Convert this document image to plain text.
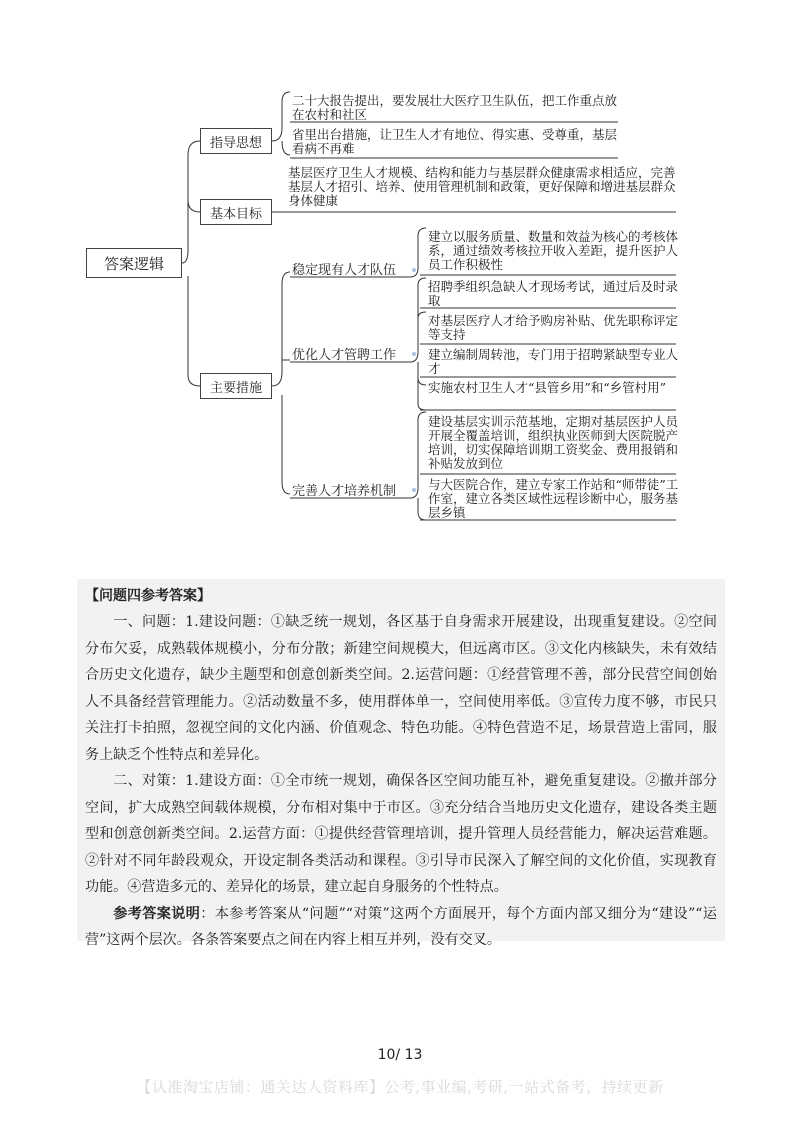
答案逻辑
指导思想
基本目标
主要措施
二十大报告提出，要发展壮大医疗卫生队伍，把工作重点放在农村和社区
省里出台措施，让卫生人才有地位、得实惠、受尊重，基层看病不再难
基层医疗卫生人才规模、结构和能力与基层群众健康需求相适应，完善基层人才招引、培养、使用管理机制和政策，更好保障和增进基层群众身体健康
稳定现有人才队伍
优化人才管聘工作
完善人才培养机制
建立以服务质量、数量和效益为核心的考核体系，通过绩效考核拉开收入差距，提升医护人员工作积极性
招聘季组织急缺人才现场考试，通过后及时录取
对基层医疗人才给予购房补贴、优先职称评定等支持
建立编制周转池，专门用于招聘紧缺型专业人才
实施农村卫生人才“县管乡用”和“乡管村用”
建设基层实训示范基地，定期对基层医护人员开展全覆盖培训，组织执业医师到大医院脱产培训，切实保障培训期工资奖金、费用报销和补贴发放到位
与大医院合作，建立专家工作站和“师带徒”工作室，建立各类区域性远程诊断中心，服务基层乡镇
【问题四参考答案】

一、问题：1.建设问题：①缺乏统一规划，各区基于自身需求开展建设，出现重复建设。②空间分布欠妥，成熟载体规模小，分布分散；新建空间规模大，但远离市区。③文化内核缺失，未有效结合历史文化遗存，缺少主题型和创意创新类空间。2.运营问题：①经营管理不善，部分民营空间创始人不具备经营管理能力。②活动数量不多，使用群体单一，空间使用率低。③宣传力度不够，市民只关注打卡拍照，忽视空间的文化内涵、价值观念、特色功能。④特色营造不足，场景营造上雷同，服务上缺乏个性特点和差异化。

二、对策：1.建设方面：①全市统一规划，确保各区空间功能互补，避免重复建设。②撤并部分空间，扩大成熟空间载体规模，分布相对集中于市区。③充分结合当地历史文化遗存，建设各类主题型和创意创新类空间。2.运营方面：①提供经营管理培训，提升管理人员经营能力，解决运营难题。②针对不同年龄段观众，开设定制各类活动和课程。③引导市民深入了解空间的文化价值，实现教育功能。④营造多元的、差异化的场景，建立起自身服务的个性特点。

参考答案说明：本参考答案从“问题”“对策”这两个方面展开，每个方面内部又细分为“建设”“运营”这两个层次。各条答案要点之间在内容上相互并列，没有交叉。

10/ 13
【认准淘宝店铺：通关达人资料库】公考,事业编,考研,一站式备考，持续更新
